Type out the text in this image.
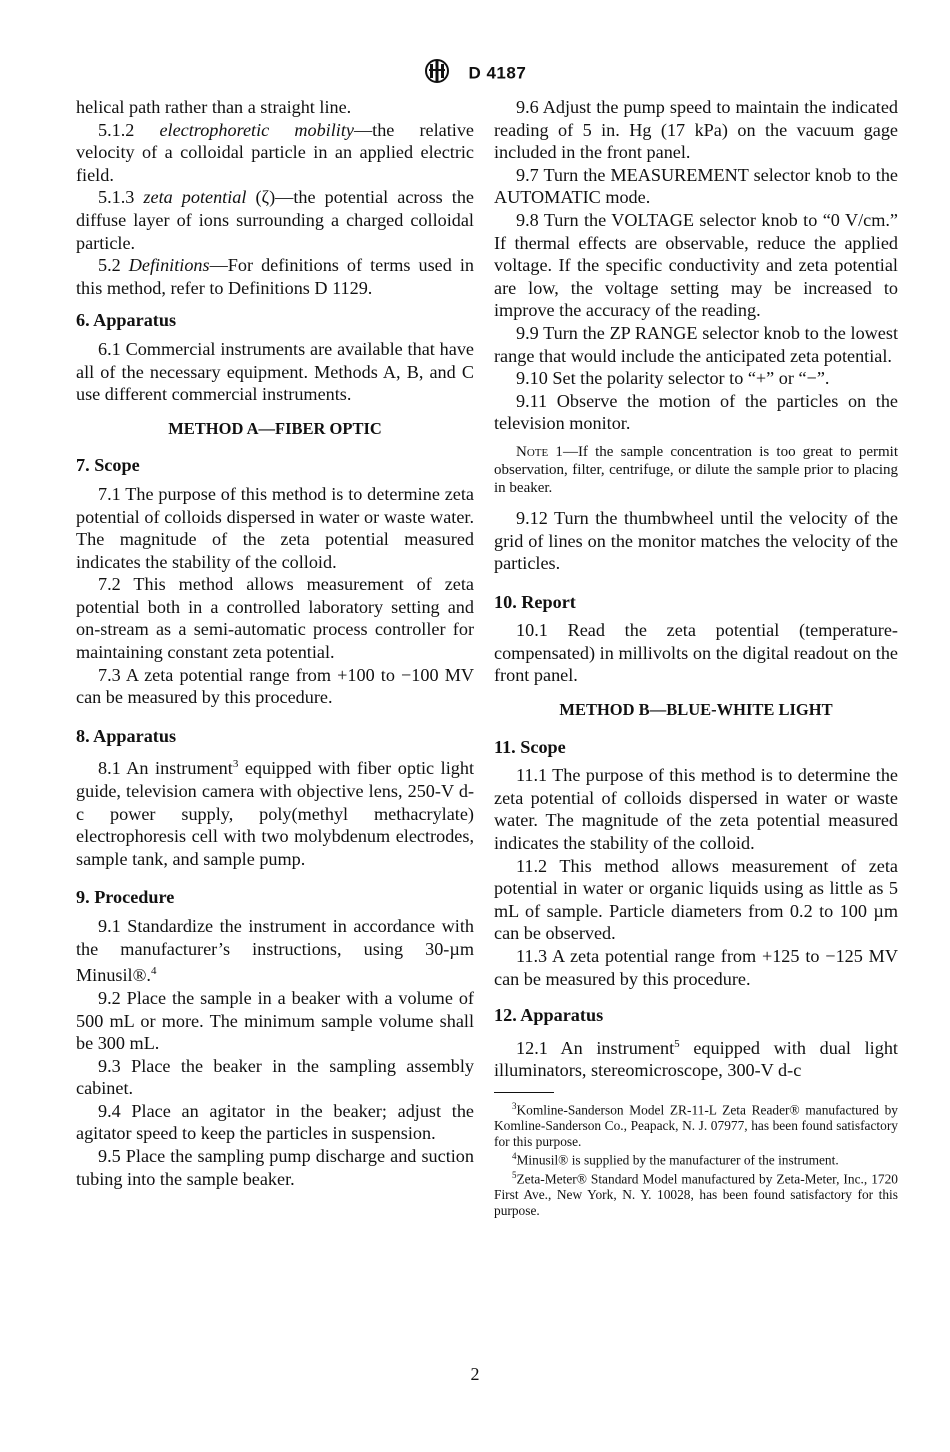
D 4187

helical path rather than a straight line.

5.1.2 electrophoretic mobility—the relative velocity of a colloidal particle in an applied electric field.

5.1.3 zeta potential (ζ)—the potential across the diffuse layer of ions surrounding a charged colloidal particle.

5.2 Definitions—For definitions of terms used in this method, refer to Definitions D 1129.

6. Apparatus

6.1 Commercial instruments are available that have all of the necessary equipment. Methods A, B, and C use different commercial instruments.

METHOD A—FIBER OPTIC

7. Scope

7.1 The purpose of this method is to determine zeta potential of colloids dispersed in water or waste water. The magnitude of the zeta potential measured indicates the stability of the colloid.

7.2 This method allows measurement of zeta potential both in a controlled laboratory setting and on-stream as a semi-automatic process controller for maintaining constant zeta potential.

7.3 A zeta potential range from +100 to −100 MV can be measured by this procedure.

8. Apparatus

8.1 An instrument$^3$ equipped with fiber optic light guide, television camera with objective lens, 250-V d-c power supply, poly(methyl methacrylate) electrophoresis cell with two molybdenum electrodes, sample tank, and sample pump.

9. Procedure

9.1 Standardize the instrument in accordance with the manufacturer’s instructions, using 30-µm Minusil®.$^4$

9.2 Place the sample in a beaker with a volume of 500 mL or more. The minimum sample volume shall be 300 mL.

9.3 Place the beaker in the sampling assembly cabinet.

9.4 Place an agitator in the beaker; adjust the agitator speed to keep the particles in suspension.

9.5 Place the sampling pump discharge and suction tubing into the sample beaker.

9.6 Adjust the pump speed to maintain the indicated reading of 5 in. Hg (17 kPa) on the vacuum gage included in the front panel.

9.7 Turn the MEASUREMENT selector knob to the AUTOMATIC mode.

9.8 Turn the VOLTAGE selector knob to “0 V/cm.” If thermal effects are observable, reduce the applied voltage. If the specific conductivity and zeta potential are low, the voltage setting may be increased to improve the accuracy of the reading.

9.9 Turn the ZP RANGE selector knob to the lowest range that would include the anticipated zeta potential.

9.10 Set the polarity selector to “+” or “−”.

9.11 Observe the motion of the particles on the television monitor.

Note 1—If the sample concentration is too great to permit observation, filter, centrifuge, or dilute the sample prior to placing in beaker.

9.12 Turn the thumbwheel until the velocity of the grid of lines on the monitor matches the velocity of the particles.

10. Report

10.1 Read the zeta potential (temperature-compensated) in millivolts on the digital readout on the front panel.

METHOD B—BLUE-WHITE LIGHT

11. Scope

11.1 The purpose of this method is to determine the zeta potential of colloids dispersed in water or waste water. The magnitude of the zeta potential measured indicates the stability of the colloid.

11.2 This method allows measurement of zeta potential in water or organic liquids using as little as 5 mL of sample. Particle diameters from 0.2 to 100 µm can be observed.

11.3 A zeta potential range from +125 to −125 MV can be measured by this procedure.

12. Apparatus

12.1 An instrument$^5$ equipped with dual light illuminators, stereomicroscope, 300-V d-c

$^3$Komline-Sanderson Model ZR-11-L Zeta Reader® manufactured by Komline-Sanderson Co., Peapack, N. J. 07977, has been found satisfactory for this purpose.

$^4$Minusil® is supplied by the manufacturer of the instrument.

$^5$Zeta-Meter® Standard Model manufactured by Zeta-Meter, Inc., 1720 First Ave., New York, N. Y. 10028, has been found satisfactory for this purpose.

2
